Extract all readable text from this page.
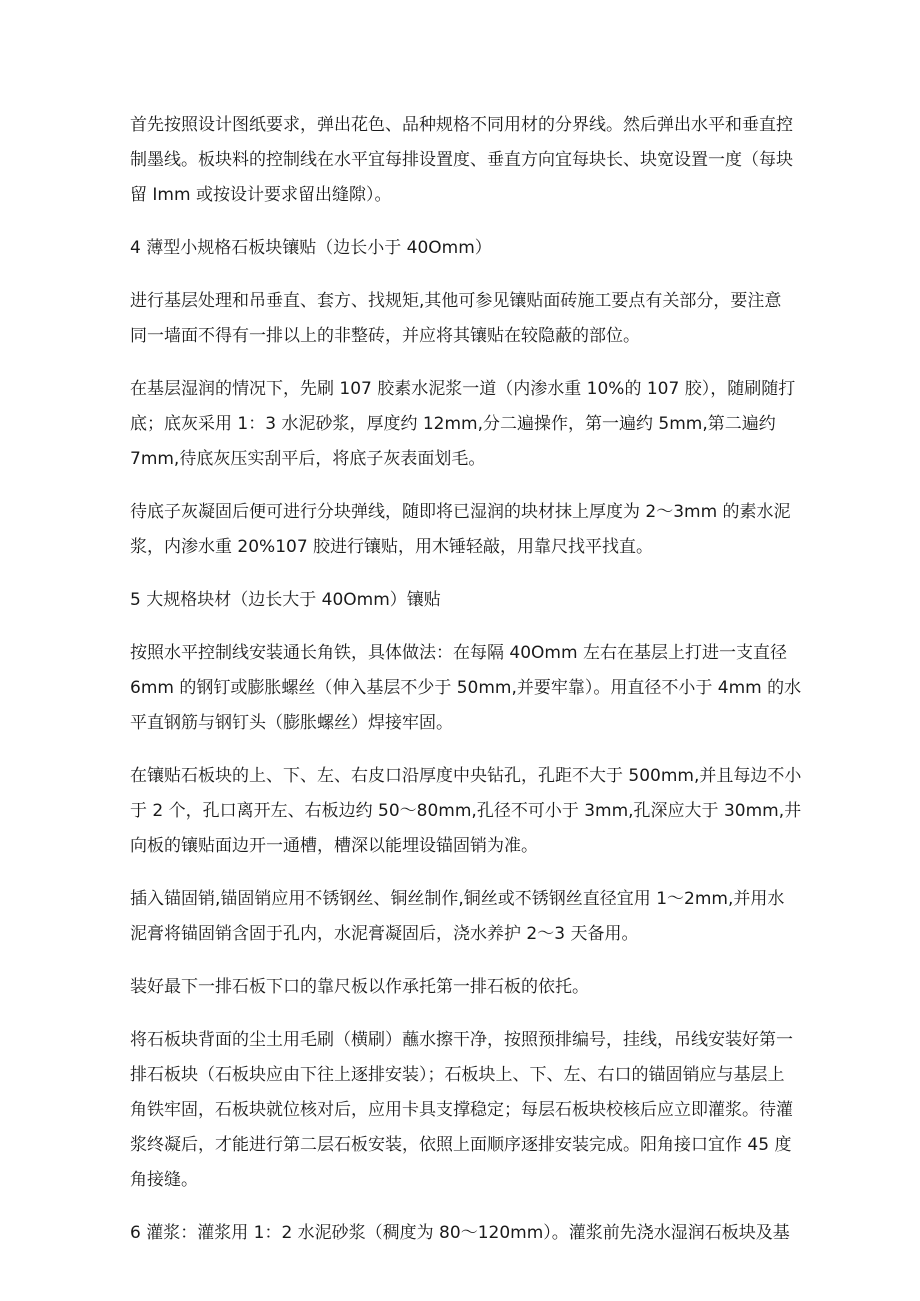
首先按照设计图纸要求，弹出花色、品种规格不同用材的分界线。然后弹出水平和垂直控
制墨线。板块料的控制线在水平宜每排设置度、垂直方向宜每块长、块宽设置一度（每块
留 Imm 或按设计要求留出缝隙）。

4 薄型小规格石板块镶贴（边长小于 40Omm）

进行基层处理和吊垂直、套方、找规矩,其他可参见镶贴面砖施工要点有关部分，要注意
同一墙面不得有一排以上的非整砖，并应将其镶贴在较隐蔽的部位。

在基层湿润的情况下，先刷 107 胶素水泥浆一道（内渗水重 10%的 107 胶），随刷随打
底；底灰采用 1：3 水泥砂浆，厚度约 12mm,分二遍操作，第一遍约 5mm,第二遍约
7mm,待底灰压实刮平后，将底子灰表面划毛。

待底子灰凝固后便可进行分块弹线，随即将已湿润的块材抹上厚度为 2～3mm 的素水泥
浆，内渗水重 20%107 胶进行镶贴，用木锤轻敲，用靠尺找平找直。

5 大规格块材（边长大于 40Omm）镶贴

按照水平控制线安装通长角铁，具体做法：在每隔 40Omm 左右在基层上打进一支直径
6mm 的钢钉或膨胀螺丝（伸入基层不少于 50mm,并要牢靠）。用直径不小于 4mm 的水
平直钢筋与钢钉头（膨胀螺丝）焊接牢固。

在镶贴石板块的上、下、左、右皮口沿厚度中央钻孔，孔距不大于 500mm,并且每边不小
于 2 个，孔口离开左、右板边约 50～80mm,孔径不可小于 3mm,孔深应大于 30mm,井
向板的镶贴面边开一通槽，槽深以能埋设锚固销为准。

插入锚固销,锚固销应用不锈钢丝、铜丝制作,铜丝或不锈钢丝直径宜用 1～2mm,并用水
泥膏将锚固销含固于孔内，水泥膏凝固后，浇水养护 2～3 天备用。

装好最下一排石板下口的靠尺板以作承托第一排石板的依托。

将石板块背面的尘土用毛刷（横刷）蘸水擦干净，按照预排编号，挂线，吊线安装好第一
排石板块（石板块应由下往上逐排安装）；石板块上、下、左、右口的锚固销应与基层上
角铁牢固，石板块就位核对后，应用卡具支撑稳定；每层石板块校核后应立即灌浆。待灌
浆终凝后，才能进行第二层石板安装，依照上面顺序逐排安装完成。阳角接口宜作 45 度
角接缝。

6 灌浆：灌浆用 1：2 水泥砂浆（稠度为 80～120mm）。灌浆前先浇水湿润石板块及基
